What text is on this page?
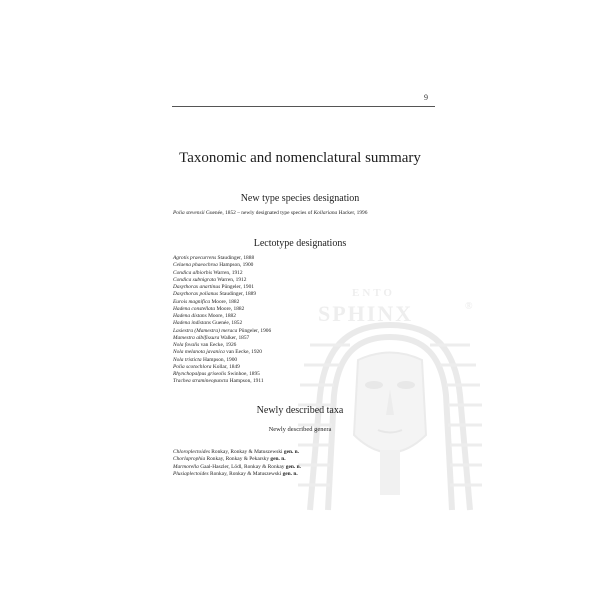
ENTO
SPHINX	®
9
Taxonomic and nomenclatural summary
New type species designation
Polia stevensii Guenée, 1852 – newly designated type species of Kollariana Hacker, 1996
Lectotype designations
Agrotis praecurrens Staudinger, 1888
Celaena phaeochroa Hampson, 1900
Condica albiorbis Warren, 1912
Condica subnigrata Warren, 1912
Dasythorax anartinus Püngeler, 1901
Dasythorax polianus Staudinger, 1889
Eurois magnifica Moore, 1882
Hadena constellata Moore, 1882
Hadena distans Moore, 1882
Hadena indistans Guenée, 1852
Lasiestra (Mamestra) meraca Püngeler, 1906
Mamestra albifissura Walker, 1857
Nola fovalis van Eecke, 1926
Nola melanota javanica van Eecke, 1920
Nola tristicta Hampson, 1900
Polia scotochlora Kollar, 1849
Rhynchopalpus griseolis Swinhoe, 1895
Trachea stramineopuncta Hampson, 1911
Newly described taxa
Newly described genera
Chloroplectoides Ronkay, Ronkay & Matuszewski gen. n.
Chorlaprophia Ronkay, Ronkay & Pekarsky gen. n.
Marmorella Gaal-Haszler, Lödl, Ronkay & Ronkay gen. n.
Plusiaplectoides Ronkay, Ronkay & Matuszewski gen. n.
